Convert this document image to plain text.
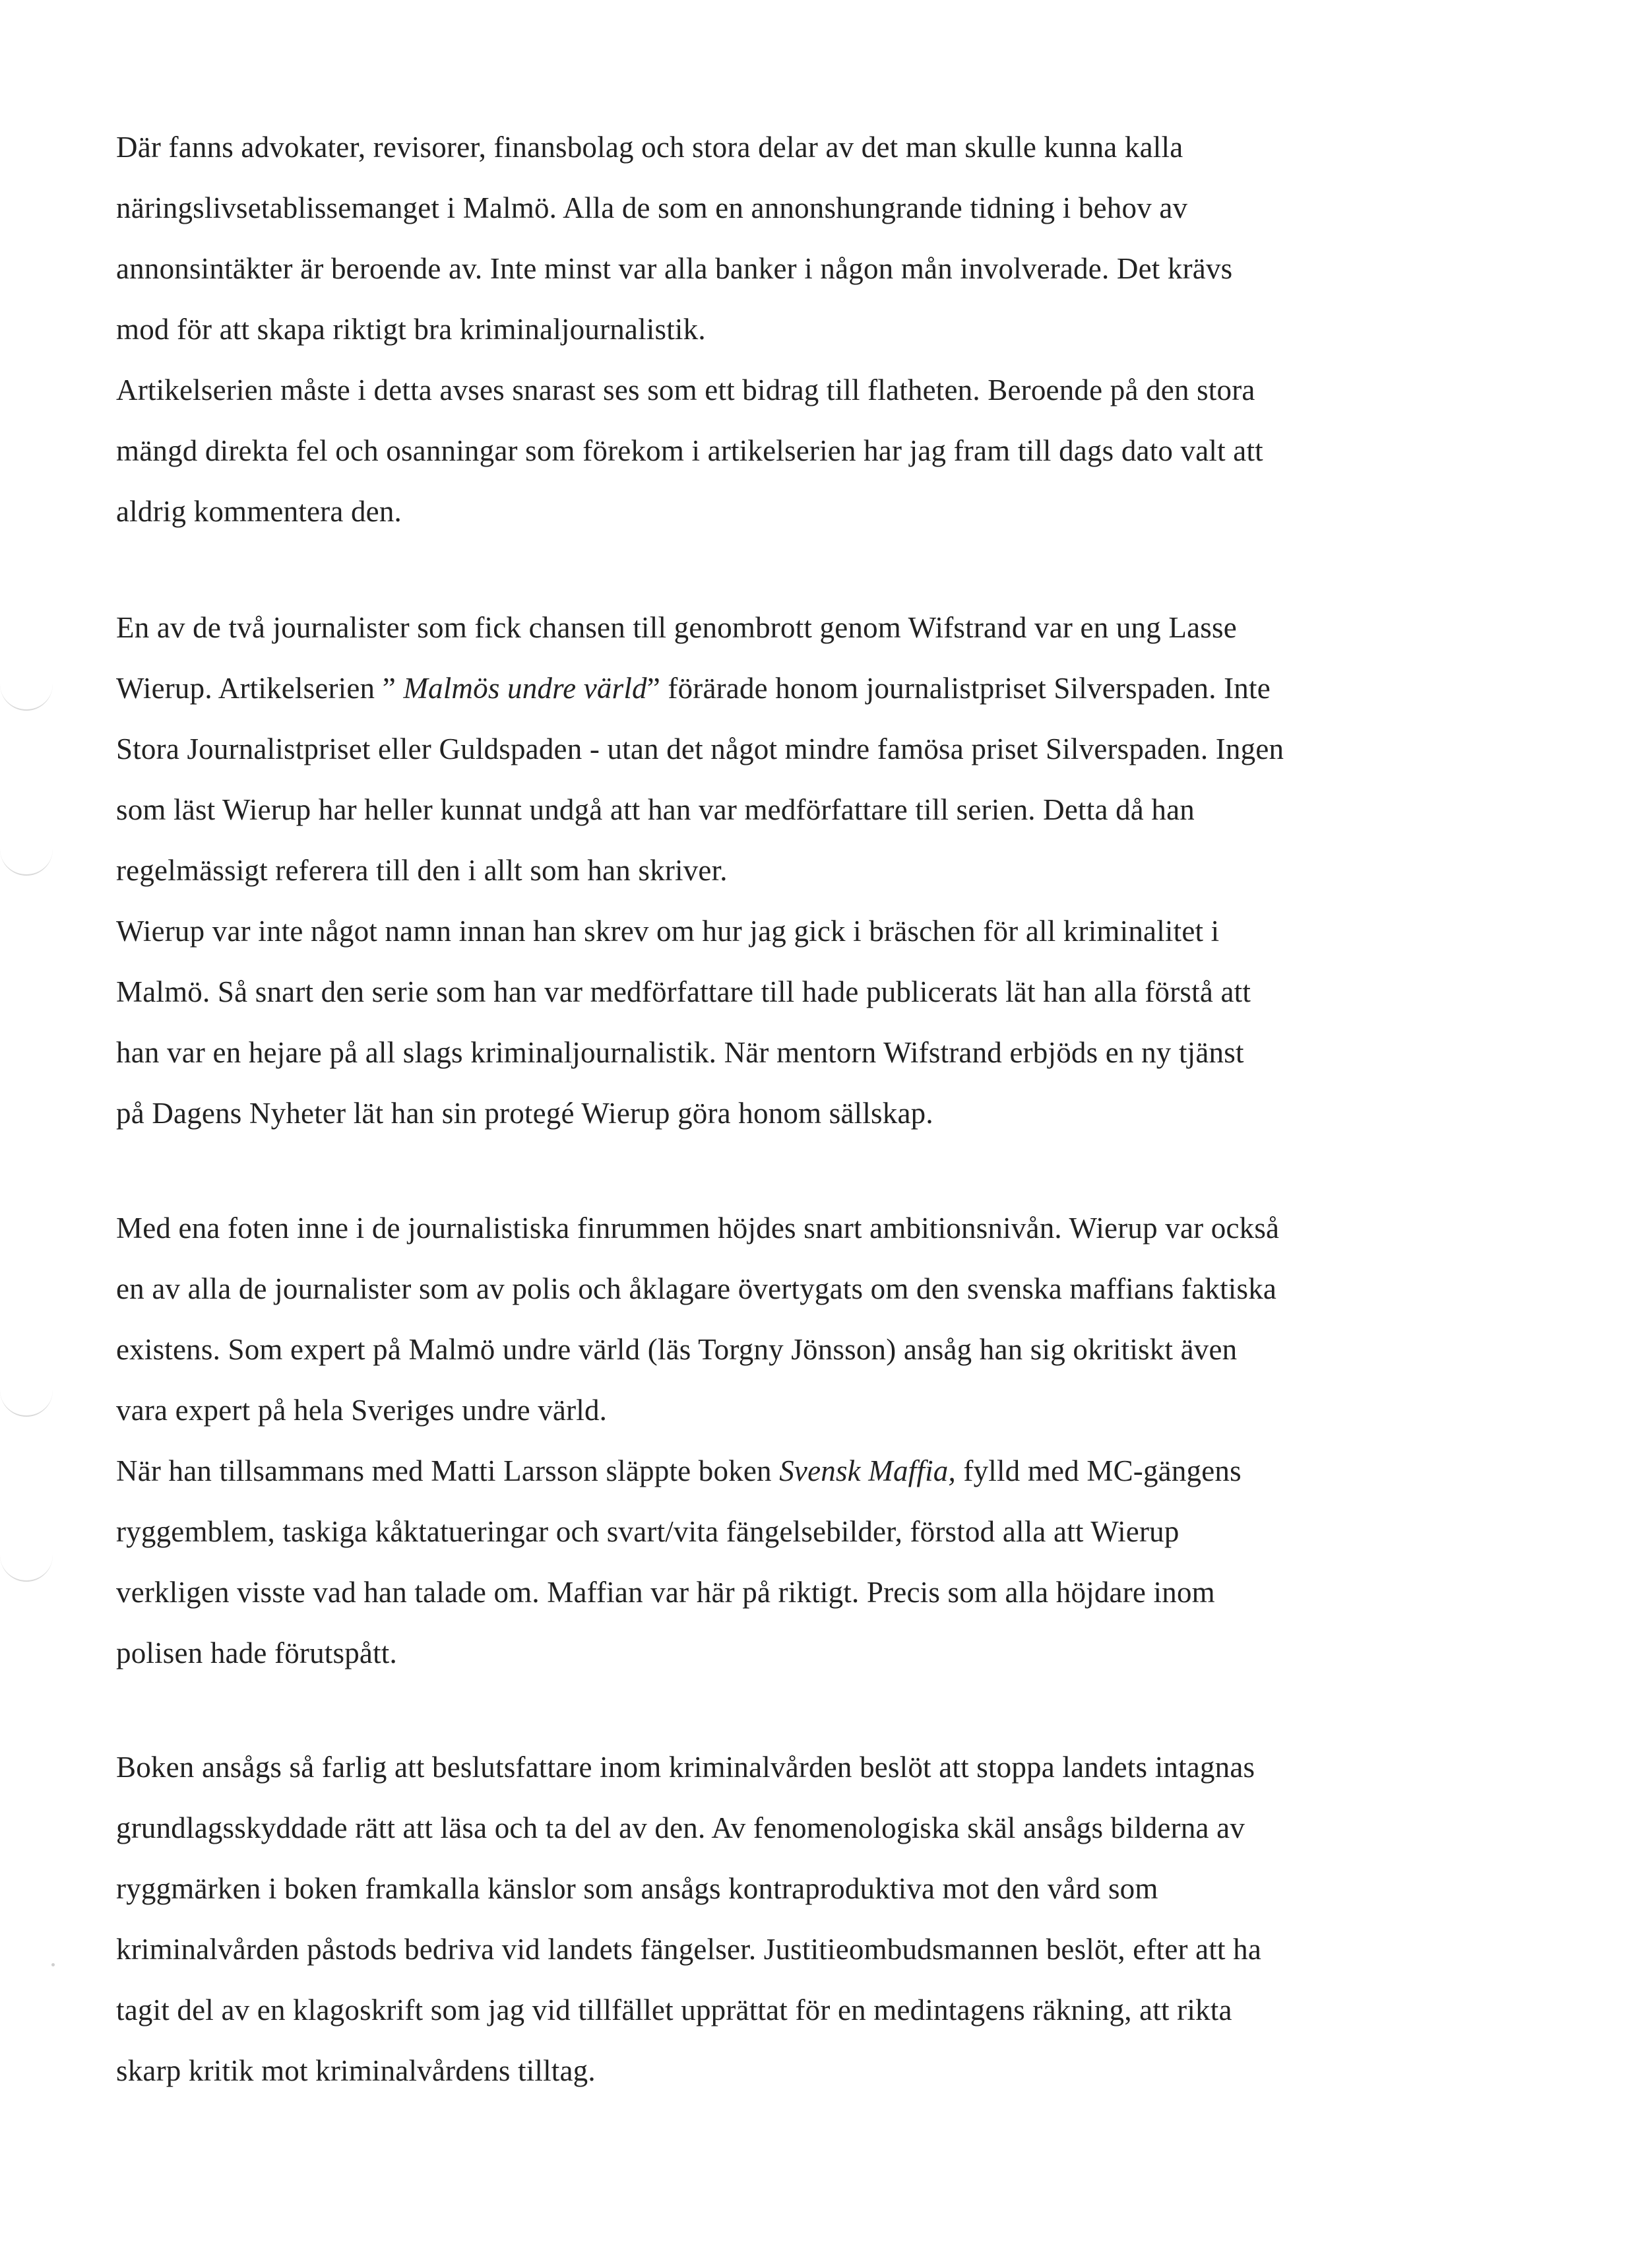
Där fanns advokater, revisorer, finansbolag och stora delar av det man skulle kunna kalla
näringslivsetablissemanget i Malmö. Alla de som en annonshungrande tidning i behov av
annonsintäkter är beroende av. Inte minst var alla banker i någon mån involverade. Det krävs
mod för att skapa riktigt bra kriminaljournalistik.
Artikelserien måste i detta avses snarast ses som ett bidrag till flatheten. Beroende på den stora
mängd direkta fel och osanningar som förekom i artikelserien har jag fram till dags dato valt att
aldrig kommentera den.
En av de två journalister som fick chansen till genombrott genom Wifstrand var en ung Lasse
Wierup. Artikelserien ” Malmös undre värld” förärade honom journalistpriset Silverspaden. Inte
Stora Journalistpriset eller Guldspaden - utan det något mindre famösa priset Silverspaden. Ingen
som läst Wierup har heller kunnat undgå att han var medförfattare till serien. Detta då han
regelmässigt referera till den i allt som han skriver.
Wierup var inte något namn innan han skrev om hur jag gick i bräschen för all kriminalitet i
Malmö. Så snart den serie som han var medförfattare till hade publicerats lät han alla förstå att
han var en hejare på all slags kriminaljournalistik. När mentorn Wifstrand erbjöds en ny tjänst
på Dagens Nyheter lät han sin protegé Wierup göra honom sällskap.
Med ena foten inne i de journalistiska finrummen höjdes snart ambitionsnivån. Wierup var också
en av alla de journalister som av polis och åklagare övertygats om den svenska maffians faktiska
existens. Som expert på Malmö undre värld (läs Torgny Jönsson) ansåg han sig okritiskt även
vara expert på hela Sveriges undre värld.
När han tillsammans med Matti Larsson släppte boken Svensk Maffia, fylld med MC-gängens
ryggemblem, taskiga kåktatueringar och svart/vita fängelsebilder, förstod alla att Wierup
verkligen visste vad han talade om. Maffian var här på riktigt. Precis som alla höjdare inom
polisen hade förutspått.
Boken ansågs så farlig att beslutsfattare inom kriminalvården beslöt att stoppa landets intagnas
grundlagsskyddade rätt att läsa och ta del av den. Av fenomenologiska skäl ansågs bilderna av
ryggmärken i boken framkalla känslor som ansågs kontraproduktiva mot den vård som
kriminalvården påstods bedriva vid landets fängelser. Justitieombudsmannen beslöt, efter att ha
tagit del av en klagoskrift som jag vid tillfället upprättat för en medintagens räkning, att rikta
skarp kritik mot kriminalvårdens tilltag.
